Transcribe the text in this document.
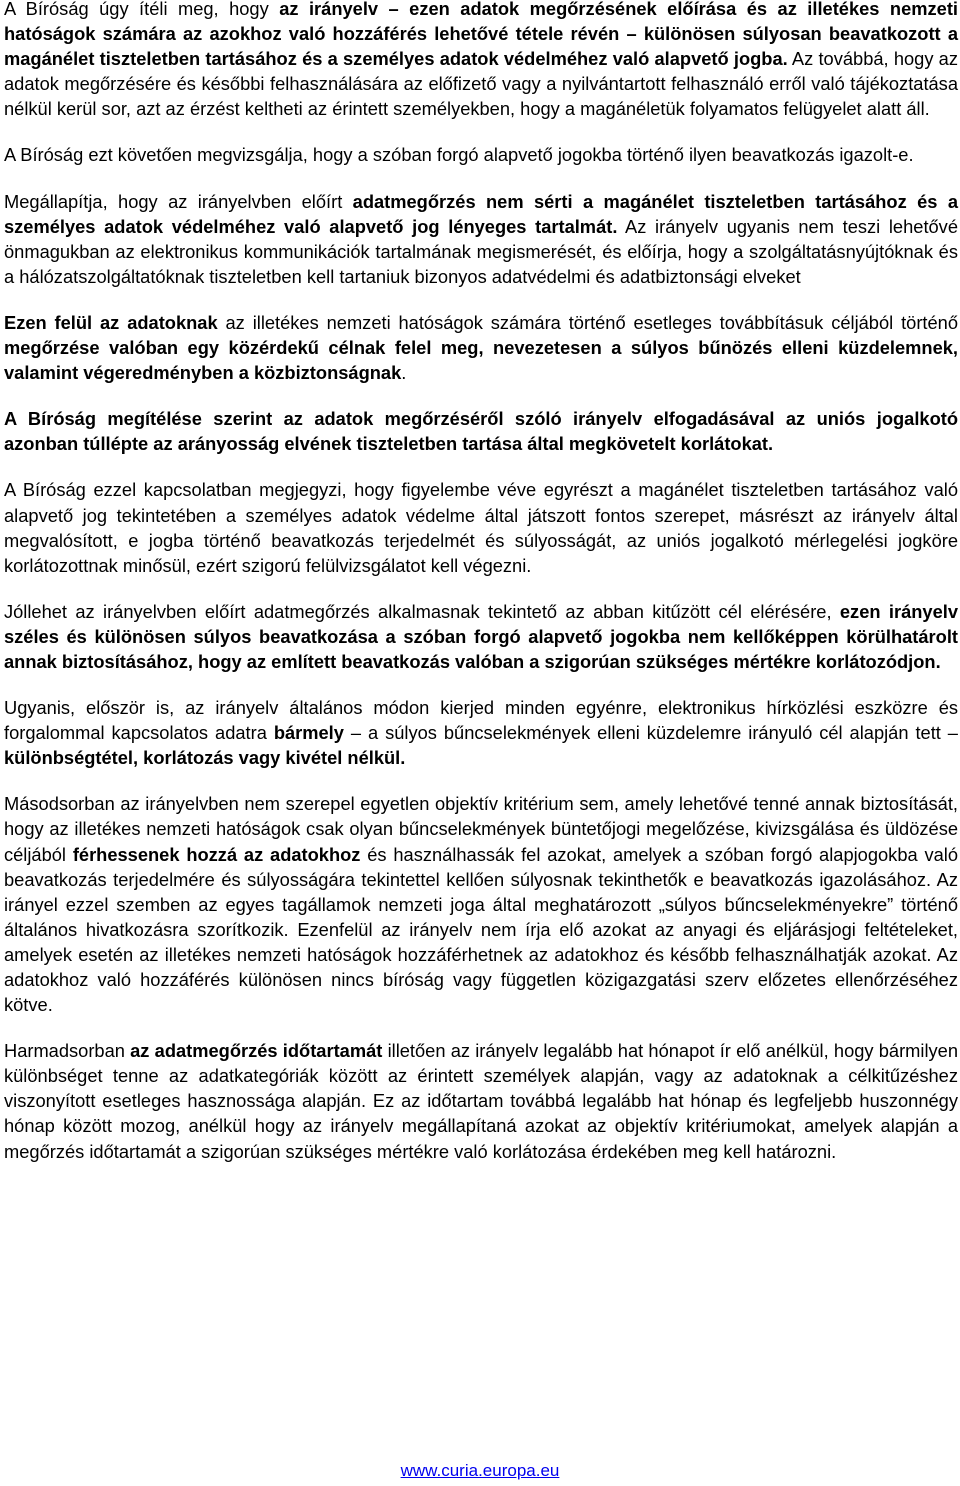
A Bíróság úgy ítéli meg, hogy az irányelv – ezen adatok megőrzésének előírása és az illetékes nemzeti hatóságok számára az azokhoz való hozzáférés lehetővé tétele révén – különösen súlyosan beavatkozott a magánélet tiszteletben tartásához és a személyes adatok védelméhez való alapvető jogba. Az továbbá, hogy az adatok megőrzésére és későbbi felhasználására az előfizető vagy a nyilvántartott felhasználó erről való tájékoztatása nélkül kerül sor, azt az érzést keltheti az érintett személyekben, hogy a magánéletük folyamatos felügyelet alatt áll.

A Bíróság ezt követően megvizsgálja, hogy a szóban forgó alapvető jogokba történő ilyen beavatkozás igazolt-e.

Megállapítja, hogy az irányelvben előírt adatmegőrzés nem sérti a magánélet tiszteletben tartásához és a személyes adatok védelméhez való alapvető jog lényeges tartalmát. Az irányelv ugyanis nem teszi lehetővé önmagukban az elektronikus kommunikációk tartalmának megismerését, és előírja, hogy a szolgáltatásnyújtóknak és a hálózatszolgáltatóknak tiszteletben kell tartaniuk bizonyos adatvédelmi és adatbiztonsági elveket

Ezen felül az adatoknak az illetékes nemzeti hatóságok számára történő esetleges továbbításuk céljából történő megőrzése valóban egy közérdekű célnak felel meg, nevezetesen a súlyos bűnözés elleni küzdelemnek, valamint végeredményben a közbiztonságnak.

A Bíróság megítélése szerint az adatok megőrzéséről szóló irányelv elfogadásával az uniós jogalkotó azonban túllépte az arányosság elvének tiszteletben tartása által megkövetelt korlátokat.

A Bíróság ezzel kapcsolatban megjegyzi, hogy figyelembe véve egyrészt a magánélet tiszteletben tartásához való alapvető jog tekintetében a személyes adatok védelme által játszott fontos szerepet, másrészt az irányelv által megvalósított, e jogba történő beavatkozás terjedelmét és súlyosságát, az uniós jogalkotó mérlegelési jogköre korlátozottnak minősül, ezért szigorú felülvizsgálatot kell végezni.

Jóllehet az irányelvben előírt adatmegőrzés alkalmasnak tekintető az abban kitűzött cél elérésére, ezen irányelv széles és különösen súlyos beavatkozása a szóban forgó alapvető jogokba nem kellőképpen körülhatárolt annak biztosításához, hogy az említett beavatkozás valóban a szigorúan szükséges mértékre korlátozódjon.

Ugyanis, először is, az irányelv általános módon kierjed minden egyénre, elektronikus hírközlési eszközre és forgalommal kapcsolatos adatra bármely – a súlyos bűncselekmények elleni küzdelemre irányuló cél alapján tett – különbségtétel, korlátozás vagy kivétel nélkül.

Másodsorban az irányelvben nem szerepel egyetlen objektív kritérium sem, amely lehetővé tenné annak biztosítását, hogy az illetékes nemzeti hatóságok csak olyan bűncselekmények büntetőjogi megelőzése, kivizsgálása és üldözése céljából férhessenek hozzá az adatokhoz és használhassák fel azokat, amelyek a szóban forgó alapjogokba való beavatkozás terjedelmére és súlyosságára tekintettel kellően súlyosnak tekinthetők e beavatkozás igazolásához. Az irányel ezzel szemben az egyes tagállamok nemzeti joga által meghatározott „súlyos bűncselekményekre” történő általános hivatkozásra szorítkozik. Ezenfelül az irányelv nem írja elő azokat az anyagi és eljárásjogi feltételeket, amelyek esetén az illetékes nemzeti hatóságok hozzáférhetnek az adatokhoz és később felhasználhatják azokat. Az adatokhoz való hozzáférés különösen nincs bíróság vagy független közigazgatási szerv előzetes ellenőrzéséhez kötve.

Harmadsorban az adatmegőrzés időtartamát illetően az irányelv legalább hat hónapot ír elő anélkül, hogy bármilyen különbséget tenne az adatkategóriák között az érintett személyek alapján, vagy az adatoknak a célkitűzéshez viszonyított esetleges hasznossága alapján. Ez az időtartam továbbá legalább hat hónap és legfeljebb huszonnégy hónap között mozog, anélkül hogy az irányelv megállapítaná azokat az objektív kritériumokat, amelyek alapján a megőrzés időtartamát a szigorúan szükséges mértékre való korlátozása érdekében meg kell határozni.

www.curia.europa.eu
